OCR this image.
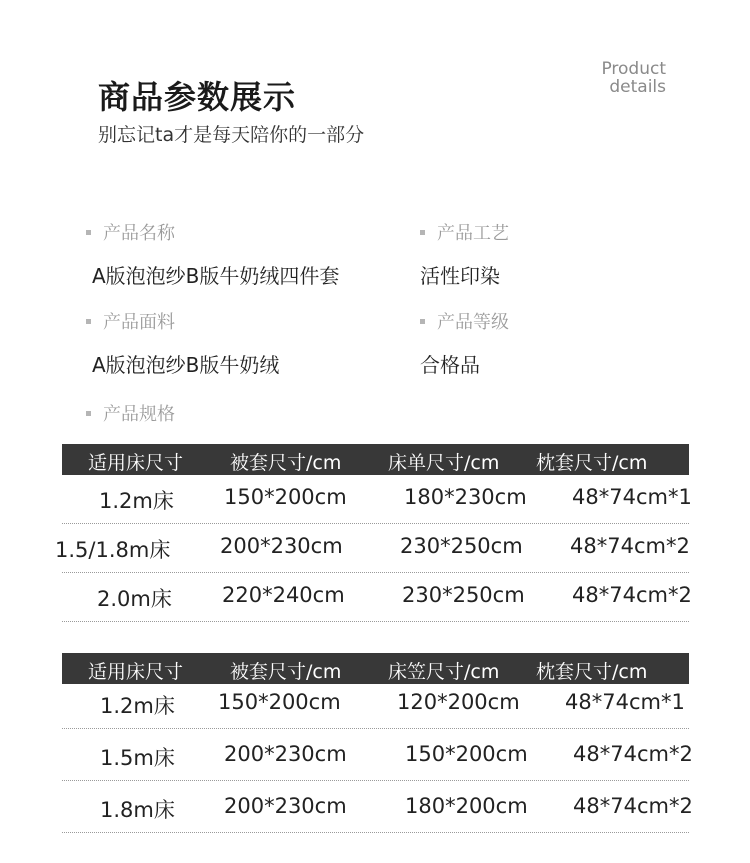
商品参数展示
别忘记ta才是每天陪你的一部分
Product
details
产品名称
A版泡泡纱B版牛奶绒四件套
产品工艺
活性印染
产品面料
A版泡泡纱B版牛奶绒
产品等级
合格品
产品规格
适用床尺寸 被套尺寸/cm 床单尺寸/cm 枕套尺寸/cm
1.2m床 150*200cm	180*230cm 48*74cm*1
1.5/1.8m床 200*230cm	230*250cm 48*74cm*2
2.0m床 220*240cm	230*250cm 48*74cm*2
适用床尺寸 被套尺寸/cm 床笠尺寸/cm 枕套尺寸/cm
1.2m床 150*200cm	120*200cm 48*74cm*1
1.5m床 200*230cm	150*200cm 48*74cm*2
1.8m床 200*230cm	180*200cm 48*74cm*2
